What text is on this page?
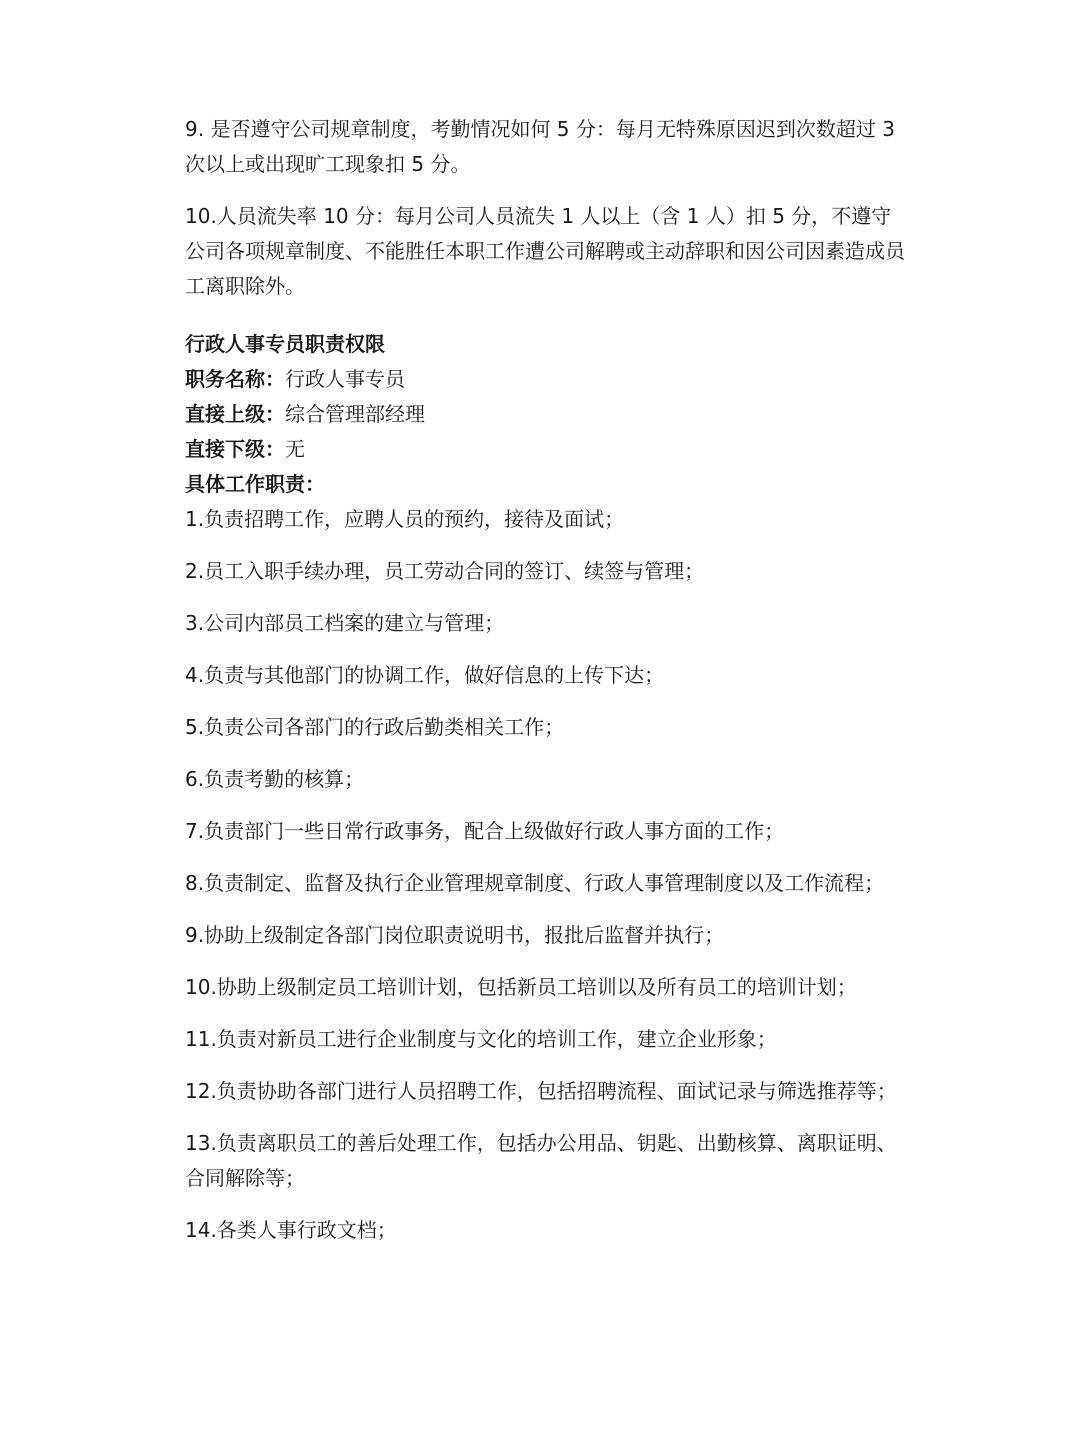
9. 是否遵守公司规章制度，考勤情况如何 5 分：每月无特殊原因迟到次数超过 3 次以上或出现旷工现象扣 5 分。

10.人员流失率 10 分：每月公司人员流失 1 人以上（含 1 人）扣 5 分，不遵守公司各项规章制度、不能胜任本职工作遭公司解聘或主动辞职和因公司因素造成员工离职除外。

行政人事专员职责权限

职务名称：行政人事专员

直接上级：综合管理部经理

直接下级：无

具体工作职责：

1.负责招聘工作，应聘人员的预约，接待及面试；
2.员工入职手续办理，员工劳动合同的签订、续签与管理；
3.公司内部员工档案的建立与管理；
4.负责与其他部门的协调工作，做好信息的上传下达；
5.负责公司各部门的行政后勤类相关工作；
6.负责考勤的核算；
7.负责部门一些日常行政事务，配合上级做好行政人事方面的工作；
8.负责制定、监督及执行企业管理规章制度、行政人事管理制度以及工作流程；
9.协助上级制定各部门岗位职责说明书，报批后监督并执行；
10.协助上级制定员工培训计划，包括新员工培训以及所有员工的培训计划；
11.负责对新员工进行企业制度与文化的培训工作，建立企业形象；
12.负责协助各部门进行人员招聘工作，包括招聘流程、面试记录与筛选推荐等；
13.负责离职员工的善后处理工作，包括办公用品、钥匙、出勤核算、离职证明、合同解除等；
14.各类人事行政文档；
